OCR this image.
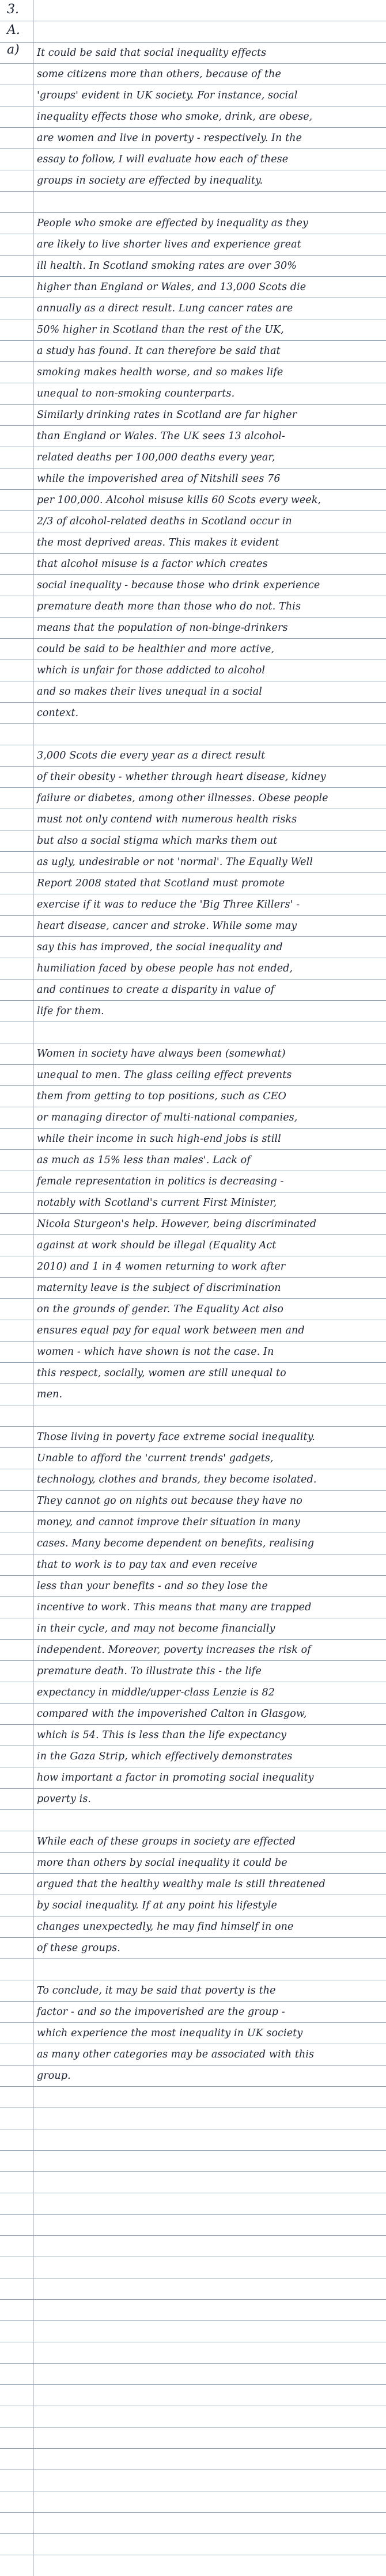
3.
A.
a) It could be said that social inequality effects
some citizens more than others, because of the
'groups' evident in UK society. For instance, social
inequality effects those who smoke, drink, are obese,
are women and live in poverty - respectively. In the
essay to follow, I will evaluate how each of these
groups in society are effected by inequality.

People who smoke are effected by inequality as they
are likely to live shorter lives and experience great
ill health. In Scotland smoking rates are over 30%
higher than England or Wales, and 13,000 Scots die
annually as a direct result. Lung cancer rates are
50% higher in Scotland than the rest of the UK,
a study has found. It can therefore be said that
smoking makes health worse, and so makes life
unequal to non-smoking counterparts.
Similarly drinking rates in Scotland are far higher
than England or Wales. The UK sees 13 alcohol-
related deaths per 100,000 deaths every year,
while the impoverished area of Nitshill sees 76
per 100,000. Alcohol misuse kills 60 Scots every week,
2/3 of alcohol-related deaths in Scotland occur in
the most deprived areas. This makes it evident
that alcohol misuse is a factor which creates
social inequality - because those who drink experience
premature death more than those who do not. This
means that the population of non-binge-drinkers
could be said to be healthier and more active,
which is unfair for those addicted to alcohol
and so makes their lives unequal in a social
context.

3,000 Scots die every year as a direct result
of their obesity - whether through heart disease, kidney
failure or diabetes, among other illnesses. Obese people
must not only contend with numerous health risks
but also a social stigma which marks them out
as ugly, undesirable or not 'normal'. The Equally Well
Report 2008 stated that Scotland must promote
exercise if it was to reduce the 'Big Three Killers' -
heart disease, cancer and stroke. While some may
say this has improved, the social inequality and
humiliation faced by obese people has not ended,
and continues to create a disparity in value of
life for them.

Women in society have always been (somewhat)
unequal to men. The glass ceiling effect prevents
them from getting to top positions, such as CEO
or managing director of multi-national companies,
while their income in such high-end jobs is still
as much as 15% less than males'. Lack of
female representation in politics is decreasing -
notably with Scotland's current First Minister,
Nicola Sturgeon's help. However, being discriminated
against at work should be illegal (Equality Act
2010) and 1 in 4 women returning to work after
maternity leave is the subject of discrimination
on the grounds of gender. The Equality Act also
ensures equal pay for equal work between men and
women - which have shown is not the case. In
this respect, socially, women are still unequal to
men.

Those living in poverty face extreme social inequality.
Unable to afford the 'current trends' gadgets,
technology, clothes and brands, they become isolated.
They cannot go on nights out because they have no
money, and cannot improve their situation in many
cases. Many become dependent on benefits, realising
that to work is to pay tax and even receive
less than your benefits - and so they lose the
incentive to work. This means that many are trapped
in their cycle, and may not become financially
independent. Moreover, poverty increases the risk of
premature death. To illustrate this - the life
expectancy in middle/upper-class Lenzie is 82
compared with the impoverished Calton in Glasgow,
which is 54. This is less than the life expectancy
in the Gaza Strip, which effectively demonstrates
how important a factor in promoting social inequality
poverty is.

While each of these groups in society are effected
more than others by social inequality it could be
argued that the healthy wealthy male is still threatened
by social inequality. If at any point his lifestyle
changes unexpectedly, he may find himself in one
of these groups.

To conclude, it may be said that poverty is the
factor - and so the impoverished are the group -
which experience the most inequality in UK society
as many other categories may be associated with this
group.
